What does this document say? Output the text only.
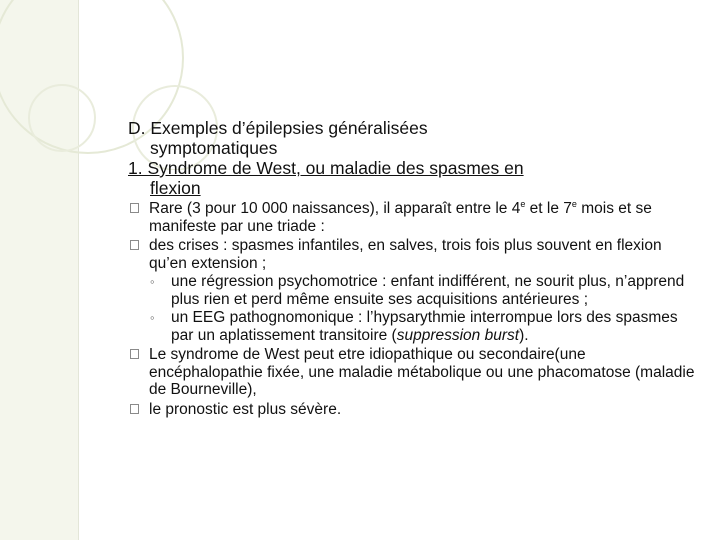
D. Exemples d’épilepsies généralisées
symptomatiques

1. Syndrome de West, ou maladie des spasmes en
flexion

Rare (3 pour 10 000 naissances), il apparaît entre le 4e et le 7e mois et se manifeste par une triade :
des crises : spasmes infantiles, en salves, trois fois plus souvent en flexion qu’en extension ;
◦ une régression psychomotrice : enfant indifférent, ne sourit plus, n’apprend plus rien et perd même ensuite ses acquisitions antérieures ;
◦ un EEG pathognomonique : l’hypsarythmie interrompue lors des spasmes par un aplatissement transitoire (suppression burst).
Le syndrome de West peut etre idiopathique ou secondaire(une encéphalopathie fixée, une maladie métabolique ou une phacomatose (maladie de Bourneville),
le pronostic est plus sévère.
